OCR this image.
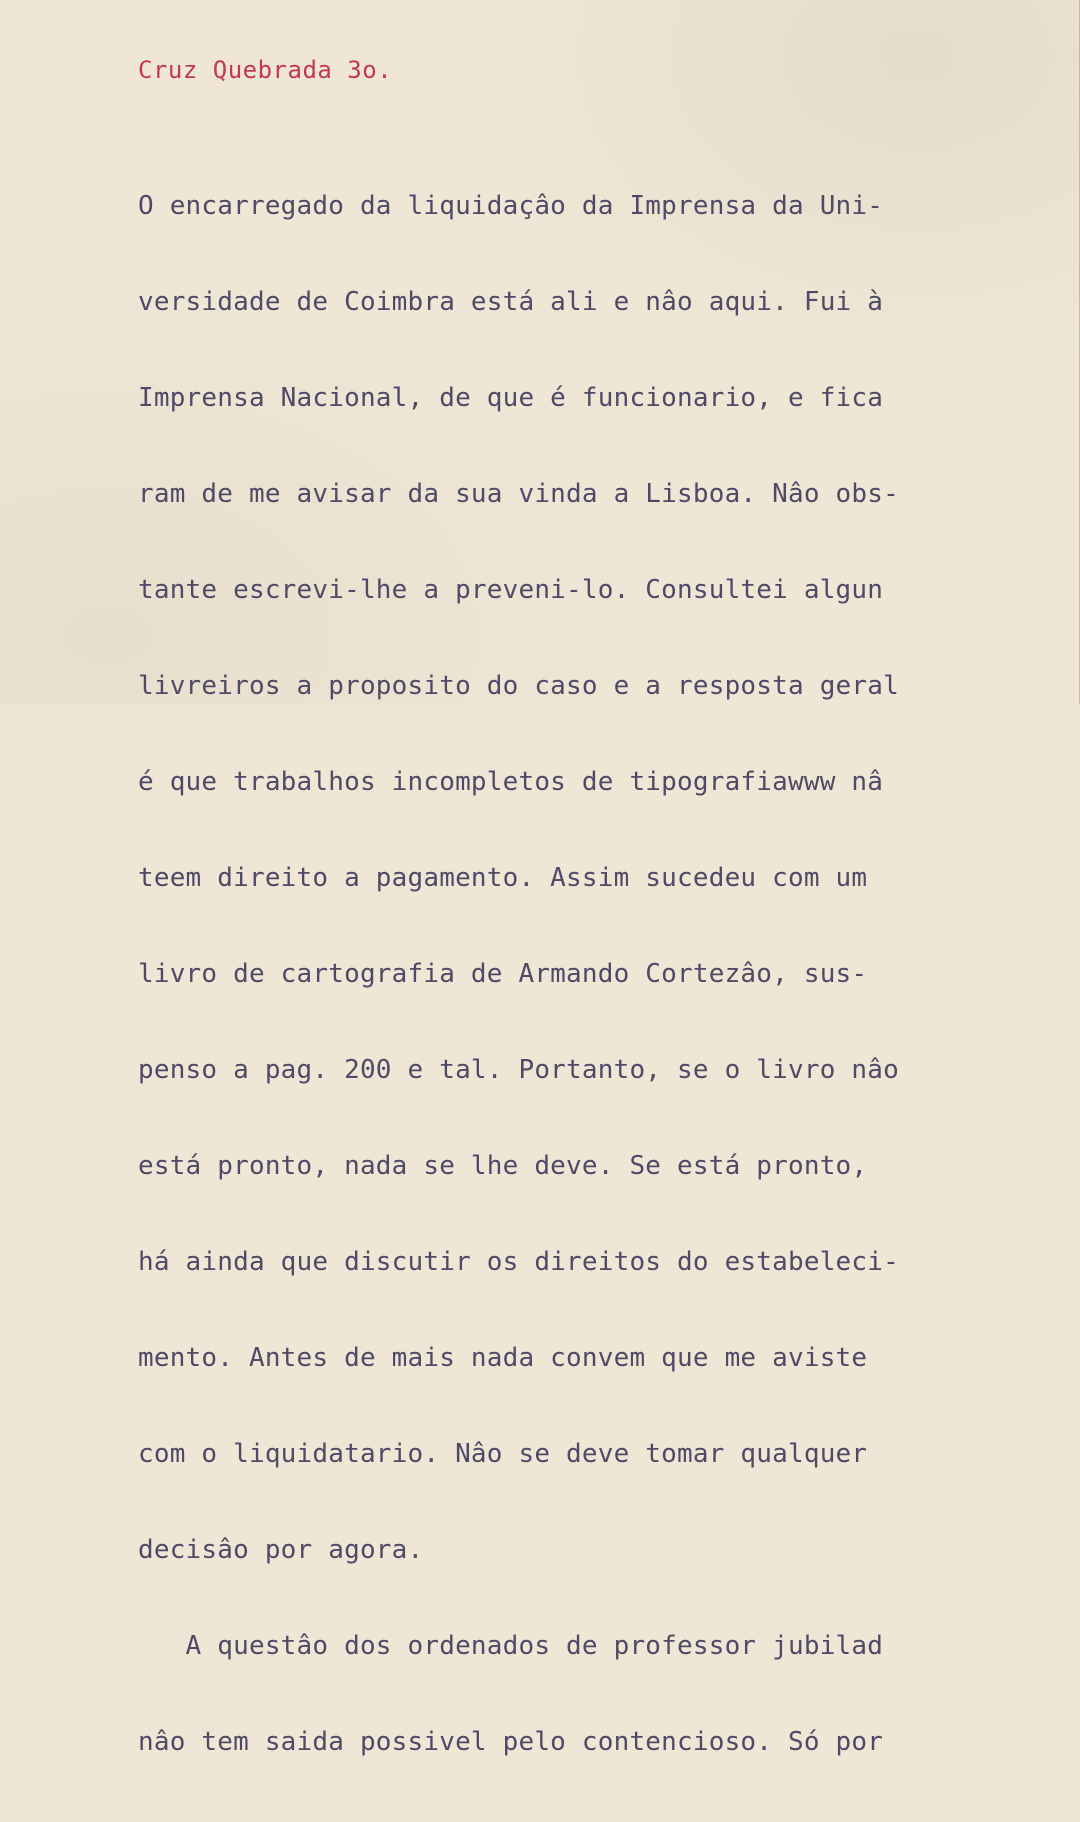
Cruz Quebrada 3o.

O encarregado da liquidaçâo da Imprensa da Uni-

versidade de Coimbra está ali e nâo aqui. Fui à

Imprensa Nacional, de que é funcionario, e fica

ram de me avisar da sua vinda a Lisboa. Nâo obs-

tante escrevi-lhe a preveni-lo. Consultei algun

livreiros a proposito do caso e a resposta geral

é que trabalhos incompletos de tipografiawww nâ

teem direito a pagamento. Assim sucedeu com um

livro de cartografia de Armando Cortezâo, sus-

penso a pag. 200 e tal. Portanto, se o livro nâo

está pronto, nada se lhe deve. Se está pronto,

há ainda que discutir os direitos do estabeleci-

mento. Antes de mais nada convem que me aviste

com o liquidatario. Nâo se deve tomar qualquer

decisâo por agora.

A questâo dos ordenados de professor jubilad

nâo tem saida possivel pelo contencioso. Só por
